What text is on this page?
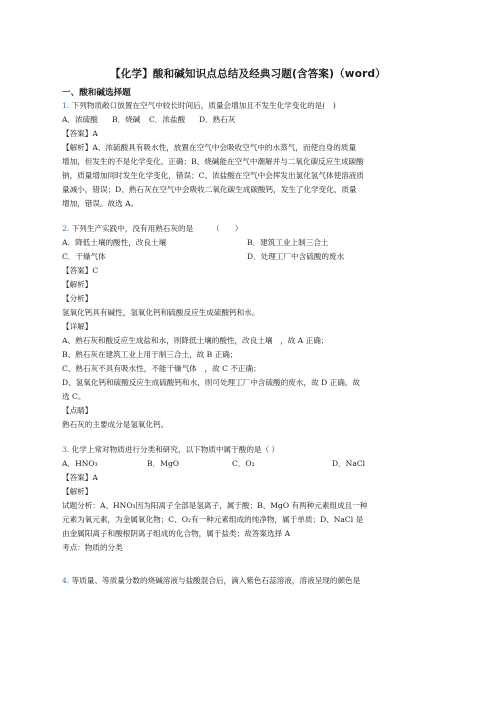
【化学】酸和碱知识点总结及经典习题(含答案)（word）
一、酸和碱选择题
1. 下列物质敞口放置在空气中较长时间后，质量会增加且不发生化学变化的是(　)
A．浓硫酸	B．烧碱	C．浓盐酸	D．熟石灰
【答案】A
【解析】A、浓硫酸具有吸水性，放置在空气中会吸收空气中的水蒸气，而使自身的质量
增加，但发生的不是化学变化，正确；B、烧碱能在空气中潮解并与二氧化碳反应生成碳酸
钠，质量增加同时发生化学变化，错误；C、浓盐酸在空气中会挥发出氯化氢气体使溶液质
量减小，错误；D、熟石灰在空气中会吸收二氧化碳生成碳酸钙，发生了化学变化，质量
增加，错误。故选 A。
2. 下列生产实践中，没有用熟石灰的是　　　（　　）
A．降低土壤的酸性，改良土壤	B．建筑工业上制三合土
C．干燥气体	D．处理工厂中含硫酸的废水
【答案】C
【解析】
【分析】
氢氧化钙具有碱性，氢氧化钙和硫酸反应生成硫酸钙和水。
【详解】
A、熟石灰和酸反应生成盐和水，则降低土壤的酸性，改良土壤　，故 A 正确；
B、熟石灰在建筑工业上用于制三合土，故 B 正确；
C、熟石灰不具有吸水性，不能干燥气体　，故 C 不正确；
D、氢氧化钙和硫酸反应生成硫酸钙和水，则可处理工厂中含硫酸的废水，故 D 正确。故
选 C。
【点睛】
熟石灰的主要成分是氢氧化钙。
3. 化学上常对物质进行分类和研究，以下物质中属于酸的是（ ）
A．HNO₃	B．MgO	C．O₂	D．NaCl
【答案】A
【解析】
试题分析：A、HNO₃因为阳离子全部是氢离子，属于酸；B、MgO 有两种元素组成且一种
元素为氧元素，为金属氧化物；C、O₂有一种元素组成的纯净物，属于单质；D、NaCl 是
由金属阳离子和酸根阴离子组成的化合物，属于盐类；故答案选择 A
考点：物质的分类
4. 等质量、等质量分数的烧碱溶液与盐酸混合后，滴入紫色石蕊溶液，溶液呈现的颜色是
